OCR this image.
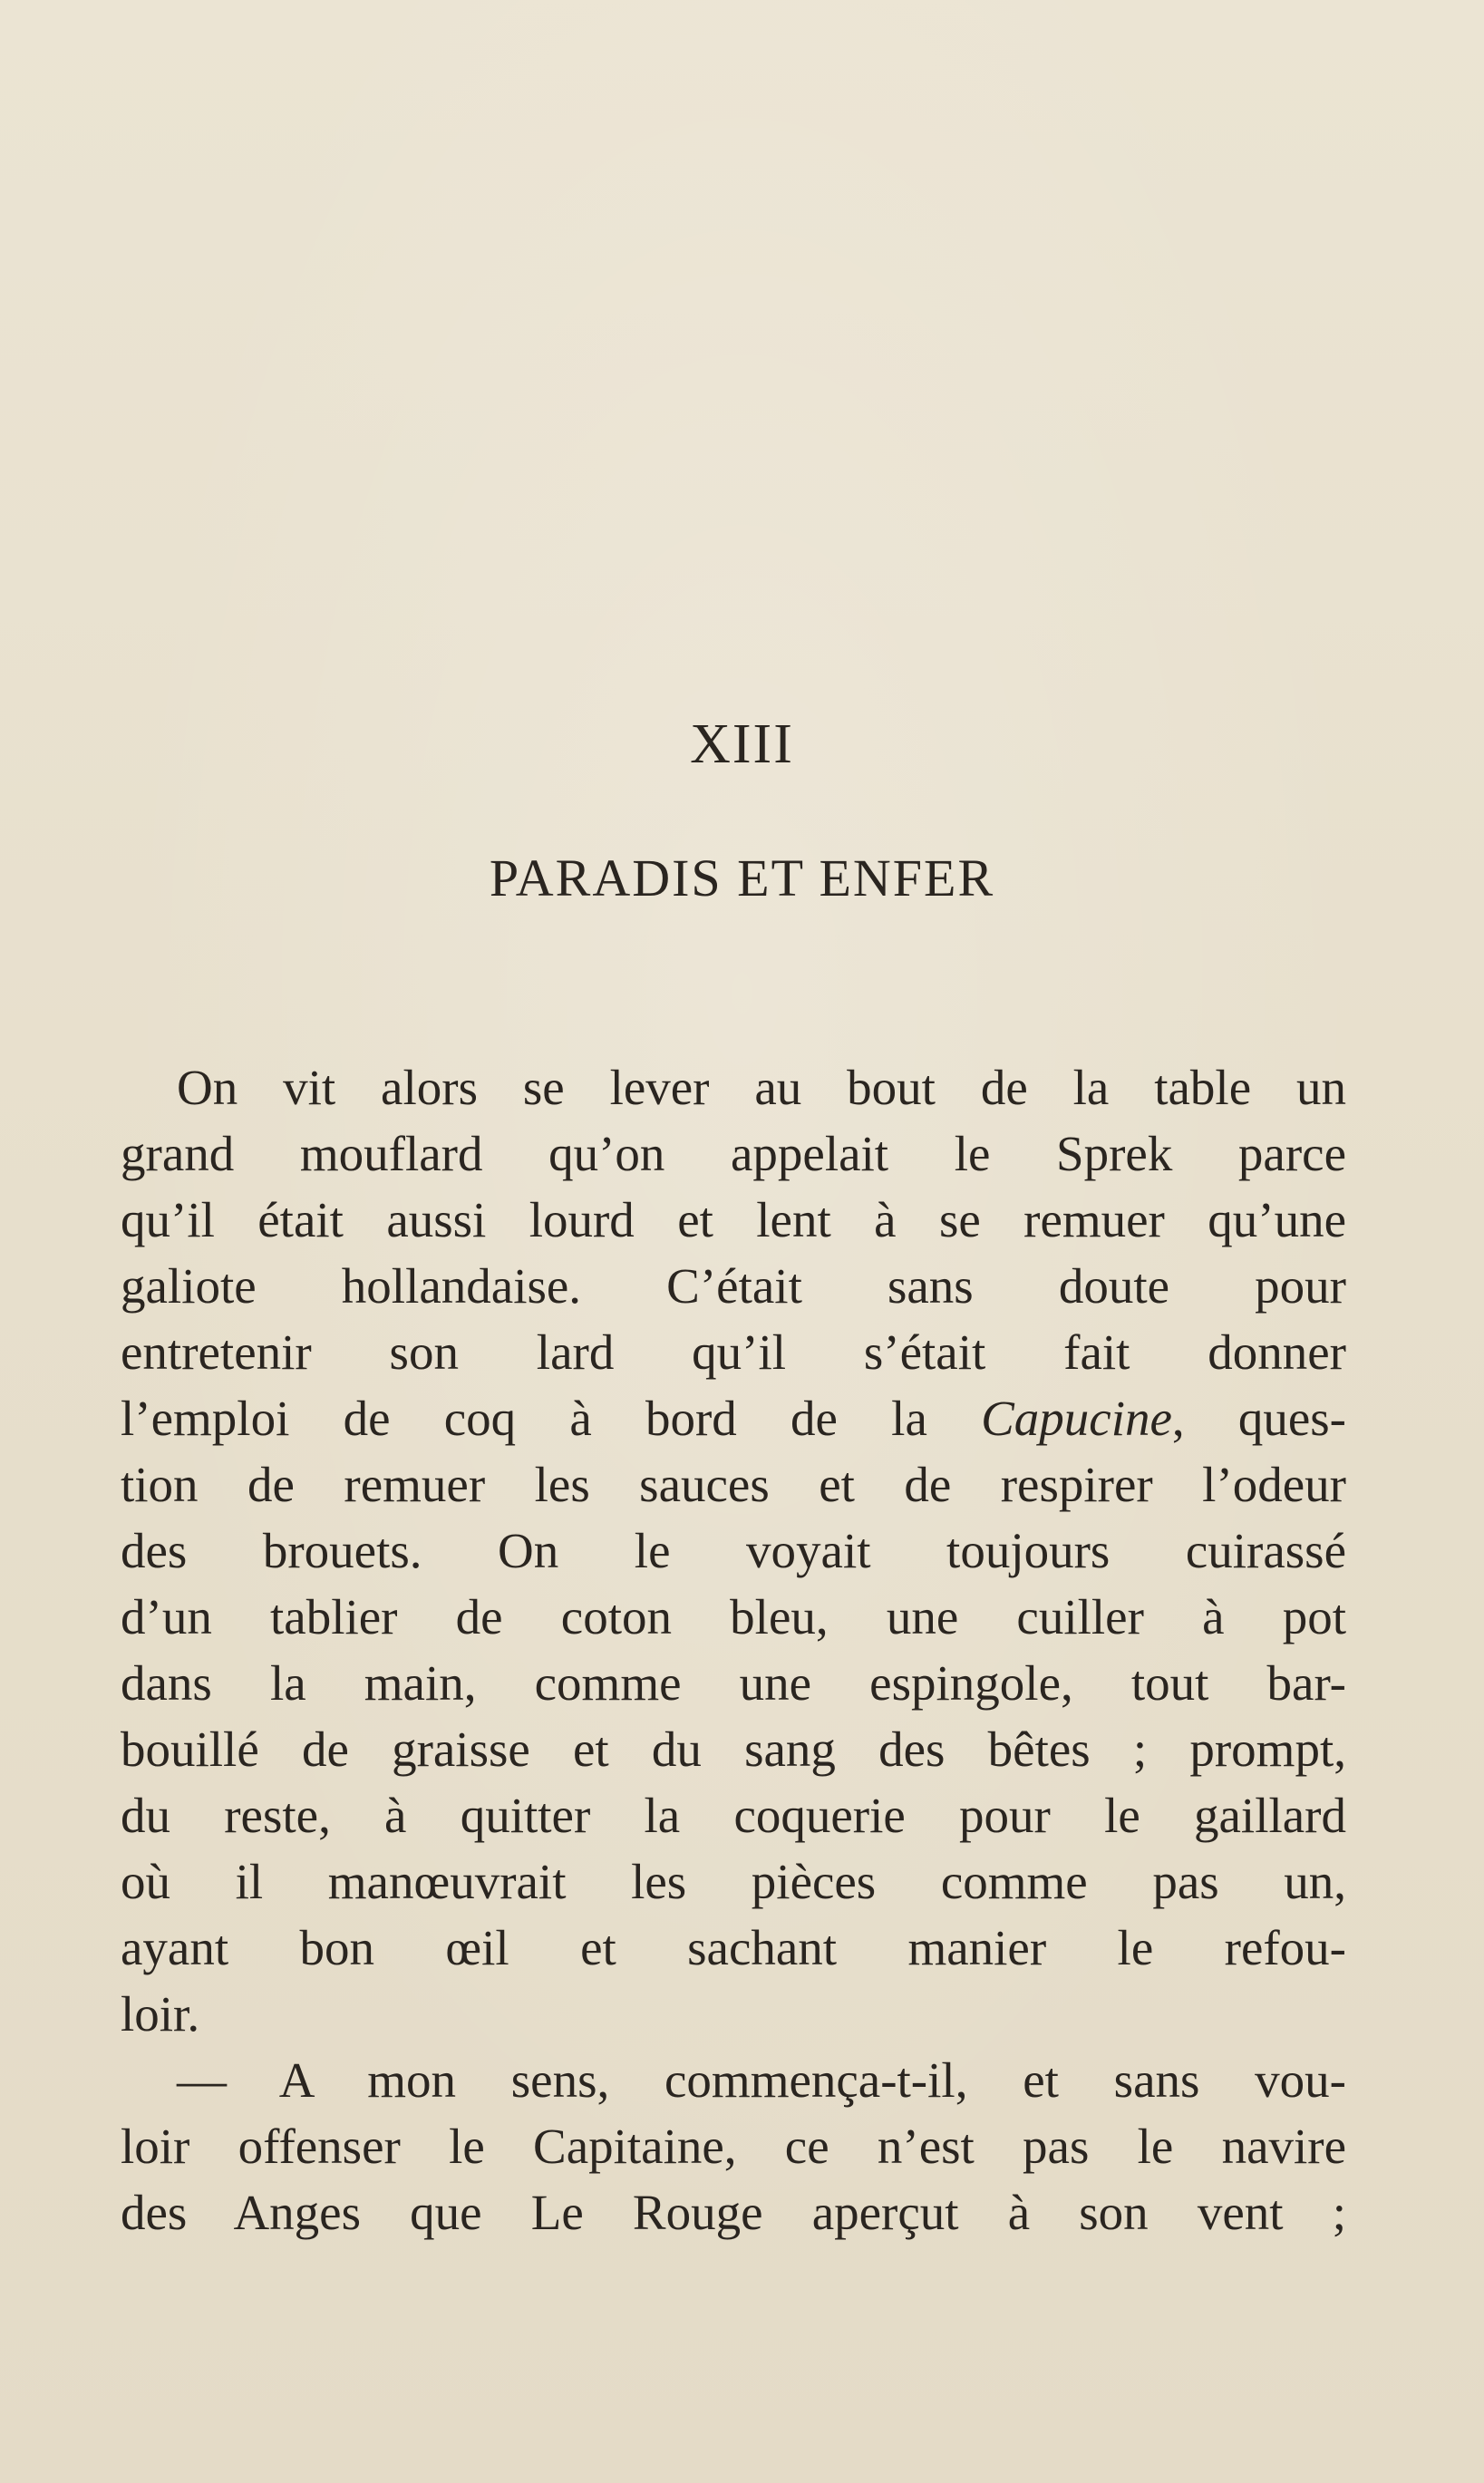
XIII
PARADIS ET ENFER
On vit alors se lever au bout de la table un
grand mouflard qu’on appelait le Sprek parce
qu’il était aussi lourd et lent à se remuer qu’une
galiote hollandaise. C’était sans doute pour
entretenir son lard qu’il s’était fait donner
l’emploi de coq à bord de la Capucine, ques-
tion de remuer les sauces et de respirer l’odeur
des brouets. On le voyait toujours cuirassé
d’un tablier de coton bleu, une cuiller à pot
dans la main, comme une espingole, tout bar-
bouillé de graisse et du sang des bêtes ; prompt,
du reste, à quitter la coquerie pour le gaillard
où il manœuvrait les pièces comme pas un,
ayant bon œil et sachant manier le refou-
loir.
— A mon sens, commença-t-il, et sans vou-
loir offenser le Capitaine, ce n’est pas le navire
des Anges que Le Rouge aperçut à son vent ;
